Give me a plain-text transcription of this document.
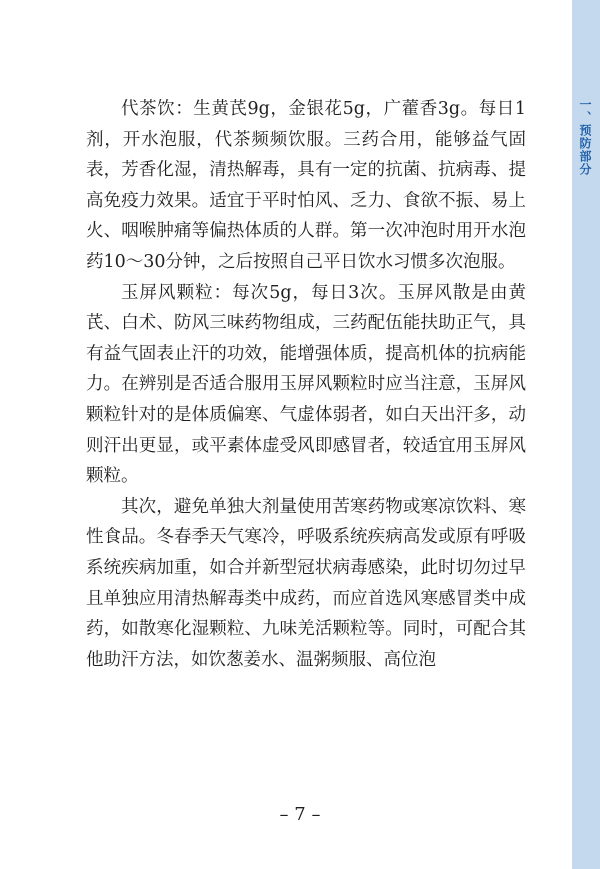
一、预防部分

代茶饮：生黄芪9g，金银花5g，广藿香3g。每日1剂，开水泡服，代茶频频饮服。三药合用，能够益气固表，芳香化湿，清热解毒，具有一定的抗菌、抗病毒、提高免疫力效果。适宜于平时怕风、乏力、食欲不振、易上火、咽喉肿痛等偏热体质的人群。第一次冲泡时用开水泡药10～30分钟，之后按照自己平日饮水习惯多次泡服。

玉屏风颗粒：每次5g，每日3次。玉屏风散是由黄芪、白术、防风三味药物组成，三药配伍能扶助正气，具有益气固表止汗的功效，能增强体质，提高机体的抗病能力。在辨别是否适合服用玉屏风颗粒时应当注意，玉屏风颗粒针对的是体质偏寒、气虚体弱者，如白天出汗多，动则汗出更显，或平素体虚受风即感冒者，较适宜用玉屏风颗粒。

其次，避免单独大剂量使用苦寒药物或寒凉饮料、寒性食品。冬春季天气寒冷，呼吸系统疾病高发或原有呼吸系统疾病加重，如合并新型冠状病毒感染，此时切勿过早且单独应用清热解毒类中成药，而应首选风寒感冒类中成药，如散寒化湿颗粒、九味羌活颗粒等。同时，可配合其他助汗方法，如饮葱姜水、温粥频服、高位泡

– 7 –
